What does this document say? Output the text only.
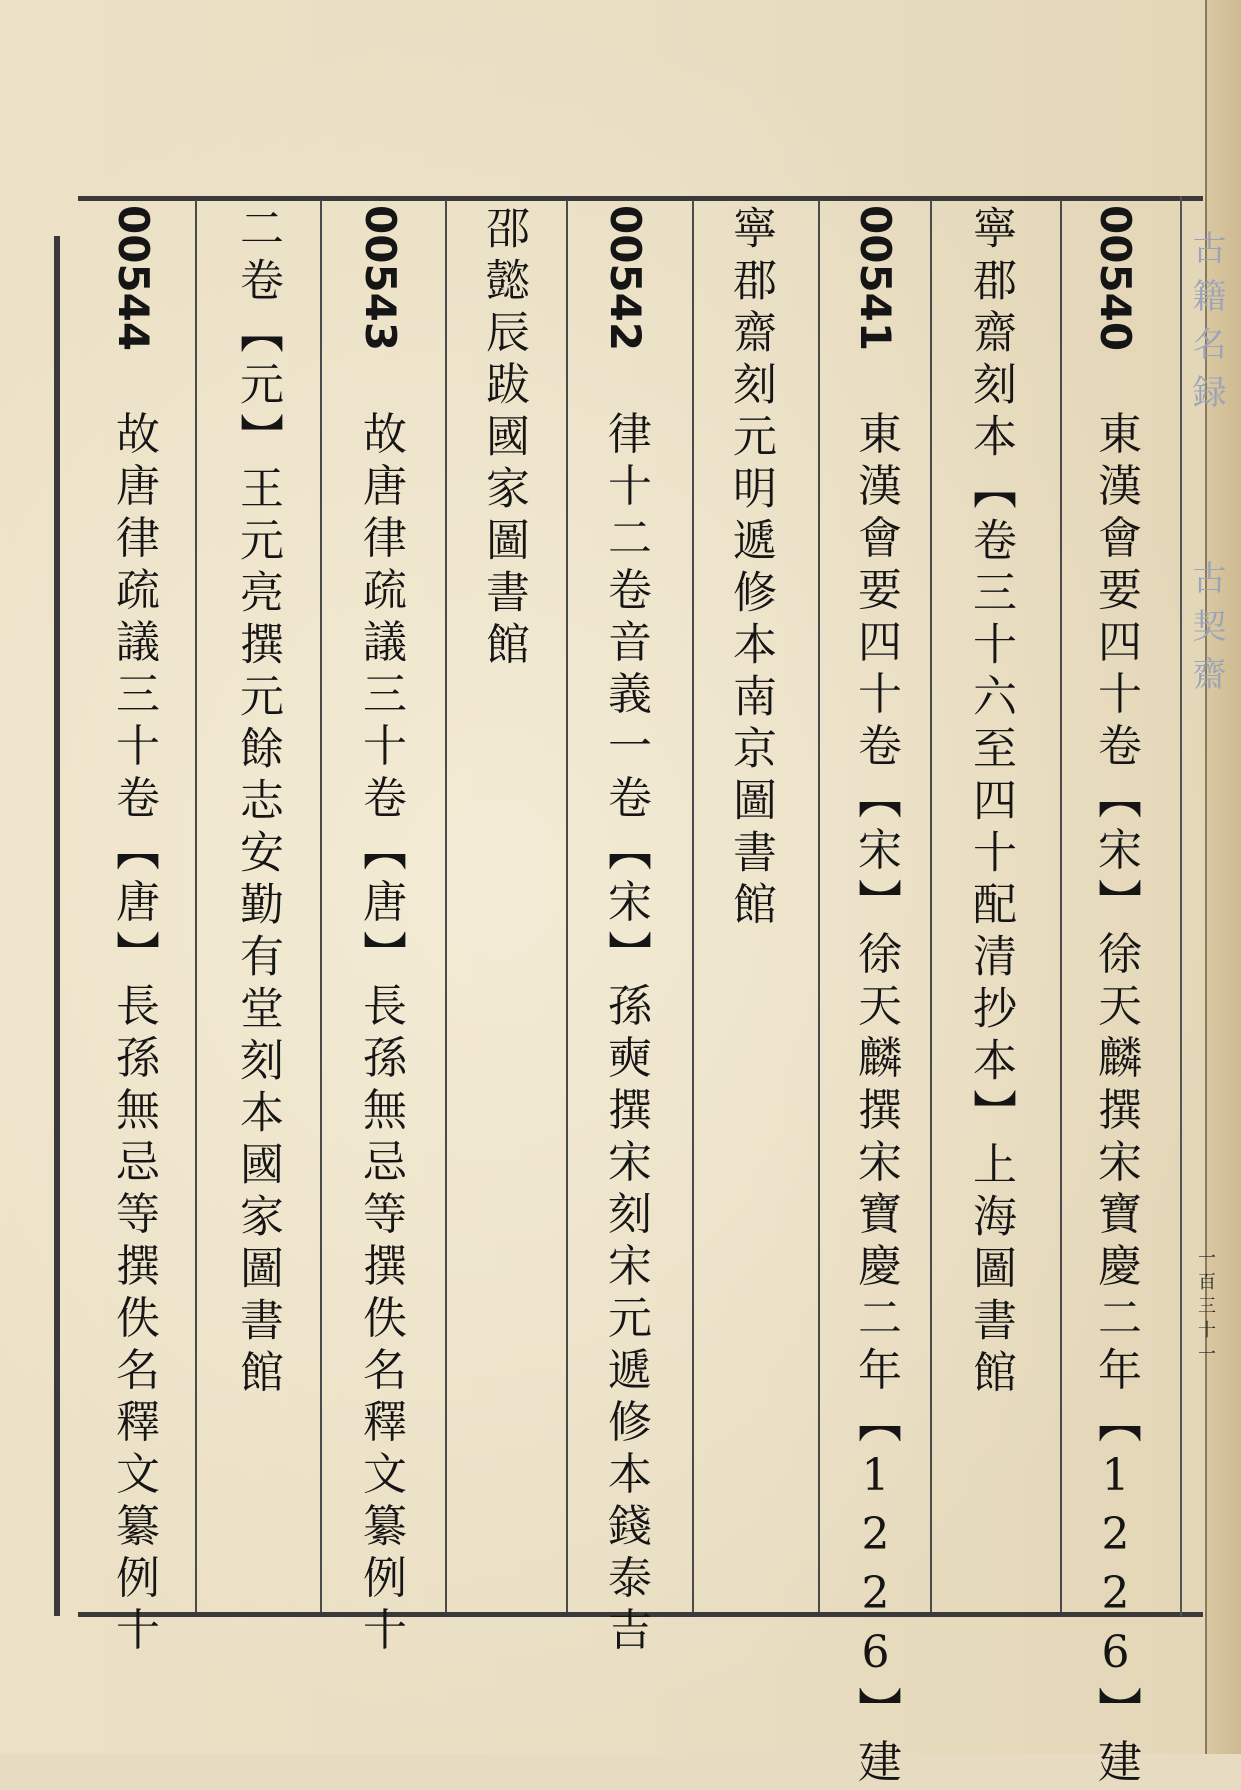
古籍名録
古契齋
一百三十一
00540 東漢會要四十卷【宋】徐天麟撰宋寶慶二年【1226】建
寧郡齋刻本【卷三十六至四十配清抄本】上海圖書館
00541 東漢會要四十卷【宋】徐天麟撰宋寶慶二年【1226】建
寧郡齋刻元明遞修本南京圖書館
00542 律十二卷音義一卷【宋】孫奭撰宋刻宋元遞修本錢泰吉
邵懿辰跋國家圖書館
00543 故唐律疏議三十卷【唐】長孫無忌等撰佚名釋文纂例十
二卷【元】王元亮撰元餘志安勤有堂刻本國家圖書館
00544 故唐律疏議三十卷【唐】長孫無忌等撰佚名釋文纂例十
